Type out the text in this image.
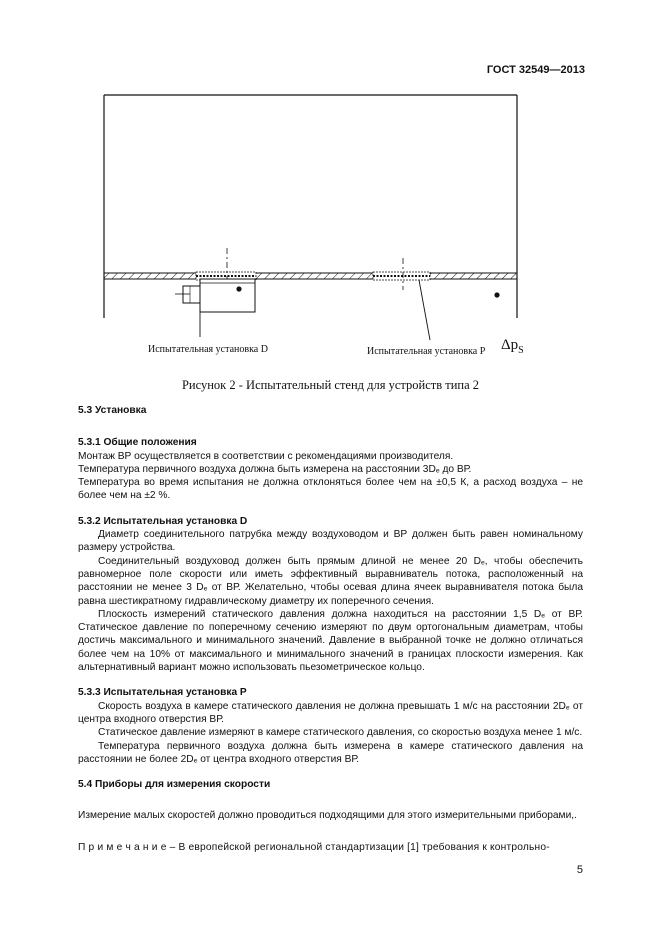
ГОСТ 32549—2013
Испытательная установка D	Испытательная установка Р $\Delta p_S$
Рисунок 2 - Испытательный стенд для устройств типа 2

5.3 Установка

5.3.1 Общие положения

Монтаж ВР осуществляется в соответствии с рекомендациями производителя.

Температура первичного воздуха должна быть измерена на расстоянии 3Dₑ до ВР.

Температура во время испытания не должна отклоняться более чем на ±0,5 К, а расход воздуха – не более чем на ±2 %.

5.3.2 Испытательная установка D

Диаметр соединительного патрубка между воздуховодом и ВР должен быть равен номинальному размеру устройства.

Соединительный воздуховод должен быть прямым длиной не менее 20 Dₑ, чтобы обеспечить равномерное поле скорости или иметь эффективный выравниватель потока, расположенный на расстоянии не менее 3 Dₑ от ВР. Желательно, чтобы осевая длина ячеек выравнивателя потока была равна шестикратному гидравлическому диаметру их поперечного сечения.

Плоскость измерений статического давления должна находиться на расстоянии 1,5 Dₑ от ВР. Статическое давление по поперечному сечению измеряют по двум ортогональным диаметрам, чтобы достичь максимального и минимального значений. Давление в выбранной точке не должно отличаться более чем на 10% от максимального и минимального значений в границах плоскости измерения. Как альтернативный вариант можно использовать пьезометрическое кольцо.

5.3.3 Испытательная установка Р

Скорость воздуха в камере статического давления не должна превышать 1 м/с на расстоянии 2Dₑ от центра входного отверстия ВР.

Статическое давление измеряют в камере статического давления, со скоростью воздуха менее 1 м/с.

Температура первичного воздуха должна быть измерена в камере статического давления на расстоянии не более 2Dₑ от центра входного отверстия ВР.

5.4 Приборы для измерения скорости

Измерение малых скоростей должно проводиться подходящими для этого измерительными приборами,.

П р и м е ч а н и е – В европейской региональной стандартизации [1] требования к контрольно-

5
